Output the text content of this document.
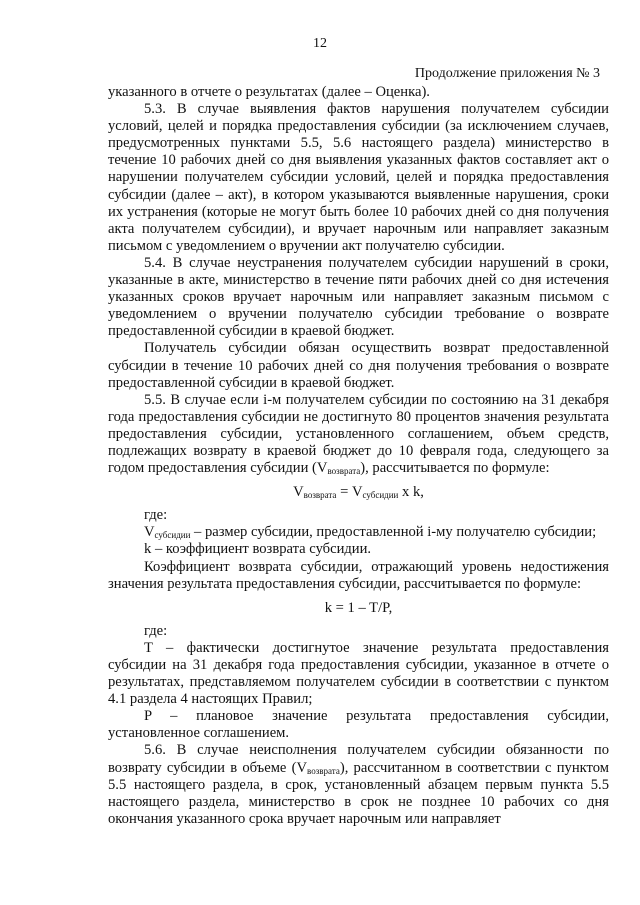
12
Продолжение приложения № 3

указанного в отчете о результатах (далее – Оценка).

5.3. В случае выявления фактов нарушения получателем субсидии условий, целей и порядка предоставления субсидии (за исключением случаев, предусмотренных пунктами 5.5, 5.6 настоящего раздела) министерство в течение 10 рабочих дней со дня выявления указанных фактов составляет акт о нарушении получателем субсидии условий, целей и порядка предоставления субсидии (далее – акт), в котором указываются выявленные нарушения, сроки их устранения (которые не могут быть более 10 рабочих дней со дня получения акта получателем субсидии), и вручает нарочным или направляет заказным письмом с уведомлением о вручении акт получателю субсидии.

5.4. В случае неустранения получателем субсидии нарушений в сроки, указанные в акте, министерство в течение пяти рабочих дней со дня истечения указанных сроков вручает нарочным или направляет заказным письмом с уведомлением о вручении получателю субсидии требование о возврате предоставленной субсидии в краевой бюджет.

Получатель субсидии обязан осуществить возврат предоставленной субсидии в течение 10 рабочих дней со дня получения требования о возврате предоставленной субсидии в краевой бюджет.

5.5. В случае если i-м получателем субсидии по состоянию на 31 декабря года предоставления субсидии не достигнуто 80 процентов значения результата предоставления субсидии, установленного соглашением, объем средств, подлежащих возврату в краевой бюджет до 10 февраля года, следующего за годом предоставления субсидии $(V_{возврата})$, рассчитывается по формуле:

$V_{возврата} = V_{субсидии}$ x k,

где:

$V_{субсидии}$ – размер субсидии, предоставленной i-му получателю субсидии;

k – коэффициент возврата субсидии.

Коэффициент возврата субсидии, отражающий уровень недостижения значения результата предоставления субсидии, рассчитывается по формуле:

k = 1 – T/P,

где:

T – фактически достигнутое значение результата предоставления субсидии на 31 декабря года предоставления субсидии, указанное в отчете о результатах, представляемом получателем субсидии в соответствии с пунктом 4.1 раздела 4 настоящих Правил;

P – плановое значение результата предоставления субсидии, установленное соглашением.

5.6. В случае неисполнения получателем субсидии обязанности по возврату субсидии в объеме $(V_{возврата})$, рассчитанном в соответствии с пунктом 5.5 настоящего раздела, в срок, установленный абзацем первым пункта 5.5 настоящего раздела, министерство в срок не позднее 10 рабочих со дня окончания указанного срока вручает нарочным или направляет
